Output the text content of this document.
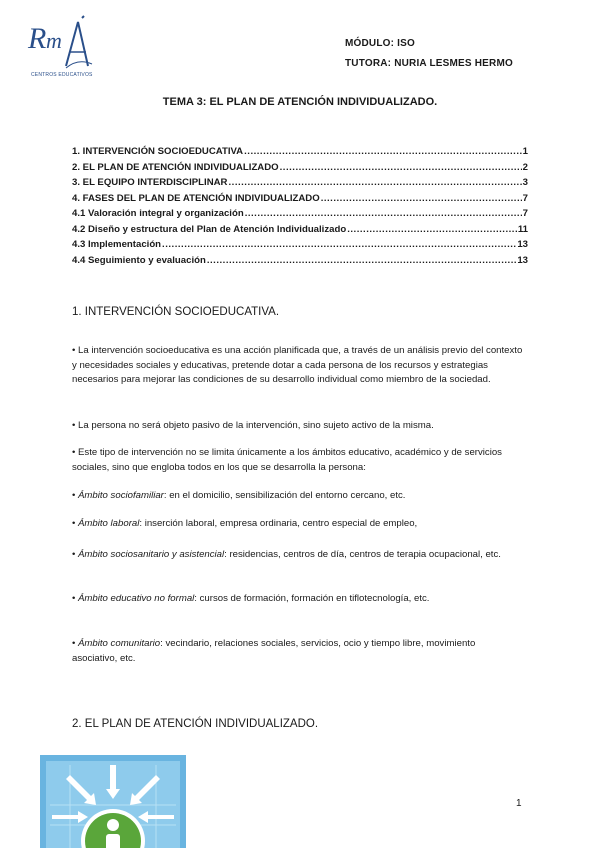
R m
CENTROS EDUCATIVOS
MÓDULO: ISO
TUTORA: NURIA LESMES HERMO
TEMA 3: EL PLAN DE ATENCIÓN INDIVIDUALIZADO.
1. INTERVENCIÓN SOCIOEDUCATIVA .....	1
2. EL PLAN DE ATENCIÓN INDIVIDUALIZADO .....	2
3. EL EQUIPO INTERDISCIPLINAR .....	3
4. FASES DEL PLAN DE ATENCIÓN INDIVIDUALIZADO .....	7
4.1 Valoración integral y organización .....	7
4.2 Diseño y estructura del Plan de Atención Individualizado .....	11
4.3 Implementación .....	13
4.4 Seguimiento y evaluación .....	13
1. INTERVENCIÓN SOCIOEDUCATIVA.

• La intervención socioeducativa es una acción planificada que, a través de un análisis previo del contexto y necesidades sociales y educativas, pretende dotar a cada persona de los recursos y estrategias necesarios para mejorar las condiciones de su desarrollo individual como miembro de la sociedad.

• La persona no será objeto pasivo de la intervención, sino sujeto activo de la misma.

• Este tipo de intervención no se limita únicamente a los ámbitos educativo, académico y de servicios sociales, sino que engloba todos en los que se desarrolla la persona:

• Ámbito sociofamiliar: en el domicilio, sensibilización del entorno cercano, etc.

• Ámbito laboral: inserción laboral, empresa ordinaria, centro especial de empleo,

• Ámbito sociosanitario y asistencial: residencias, centros de día, centros de terapia ocupacional, etc.

• Ámbito educativo no formal: cursos de formación, formación en tiflotecnología, etc.

• Ámbito comunitario: vecindario, relaciones sociales, servicios, ocio y tiempo libre, movimiento asociativo, etc.

2. EL PLAN DE ATENCIÓN INDIVIDUALIZADO.
1
